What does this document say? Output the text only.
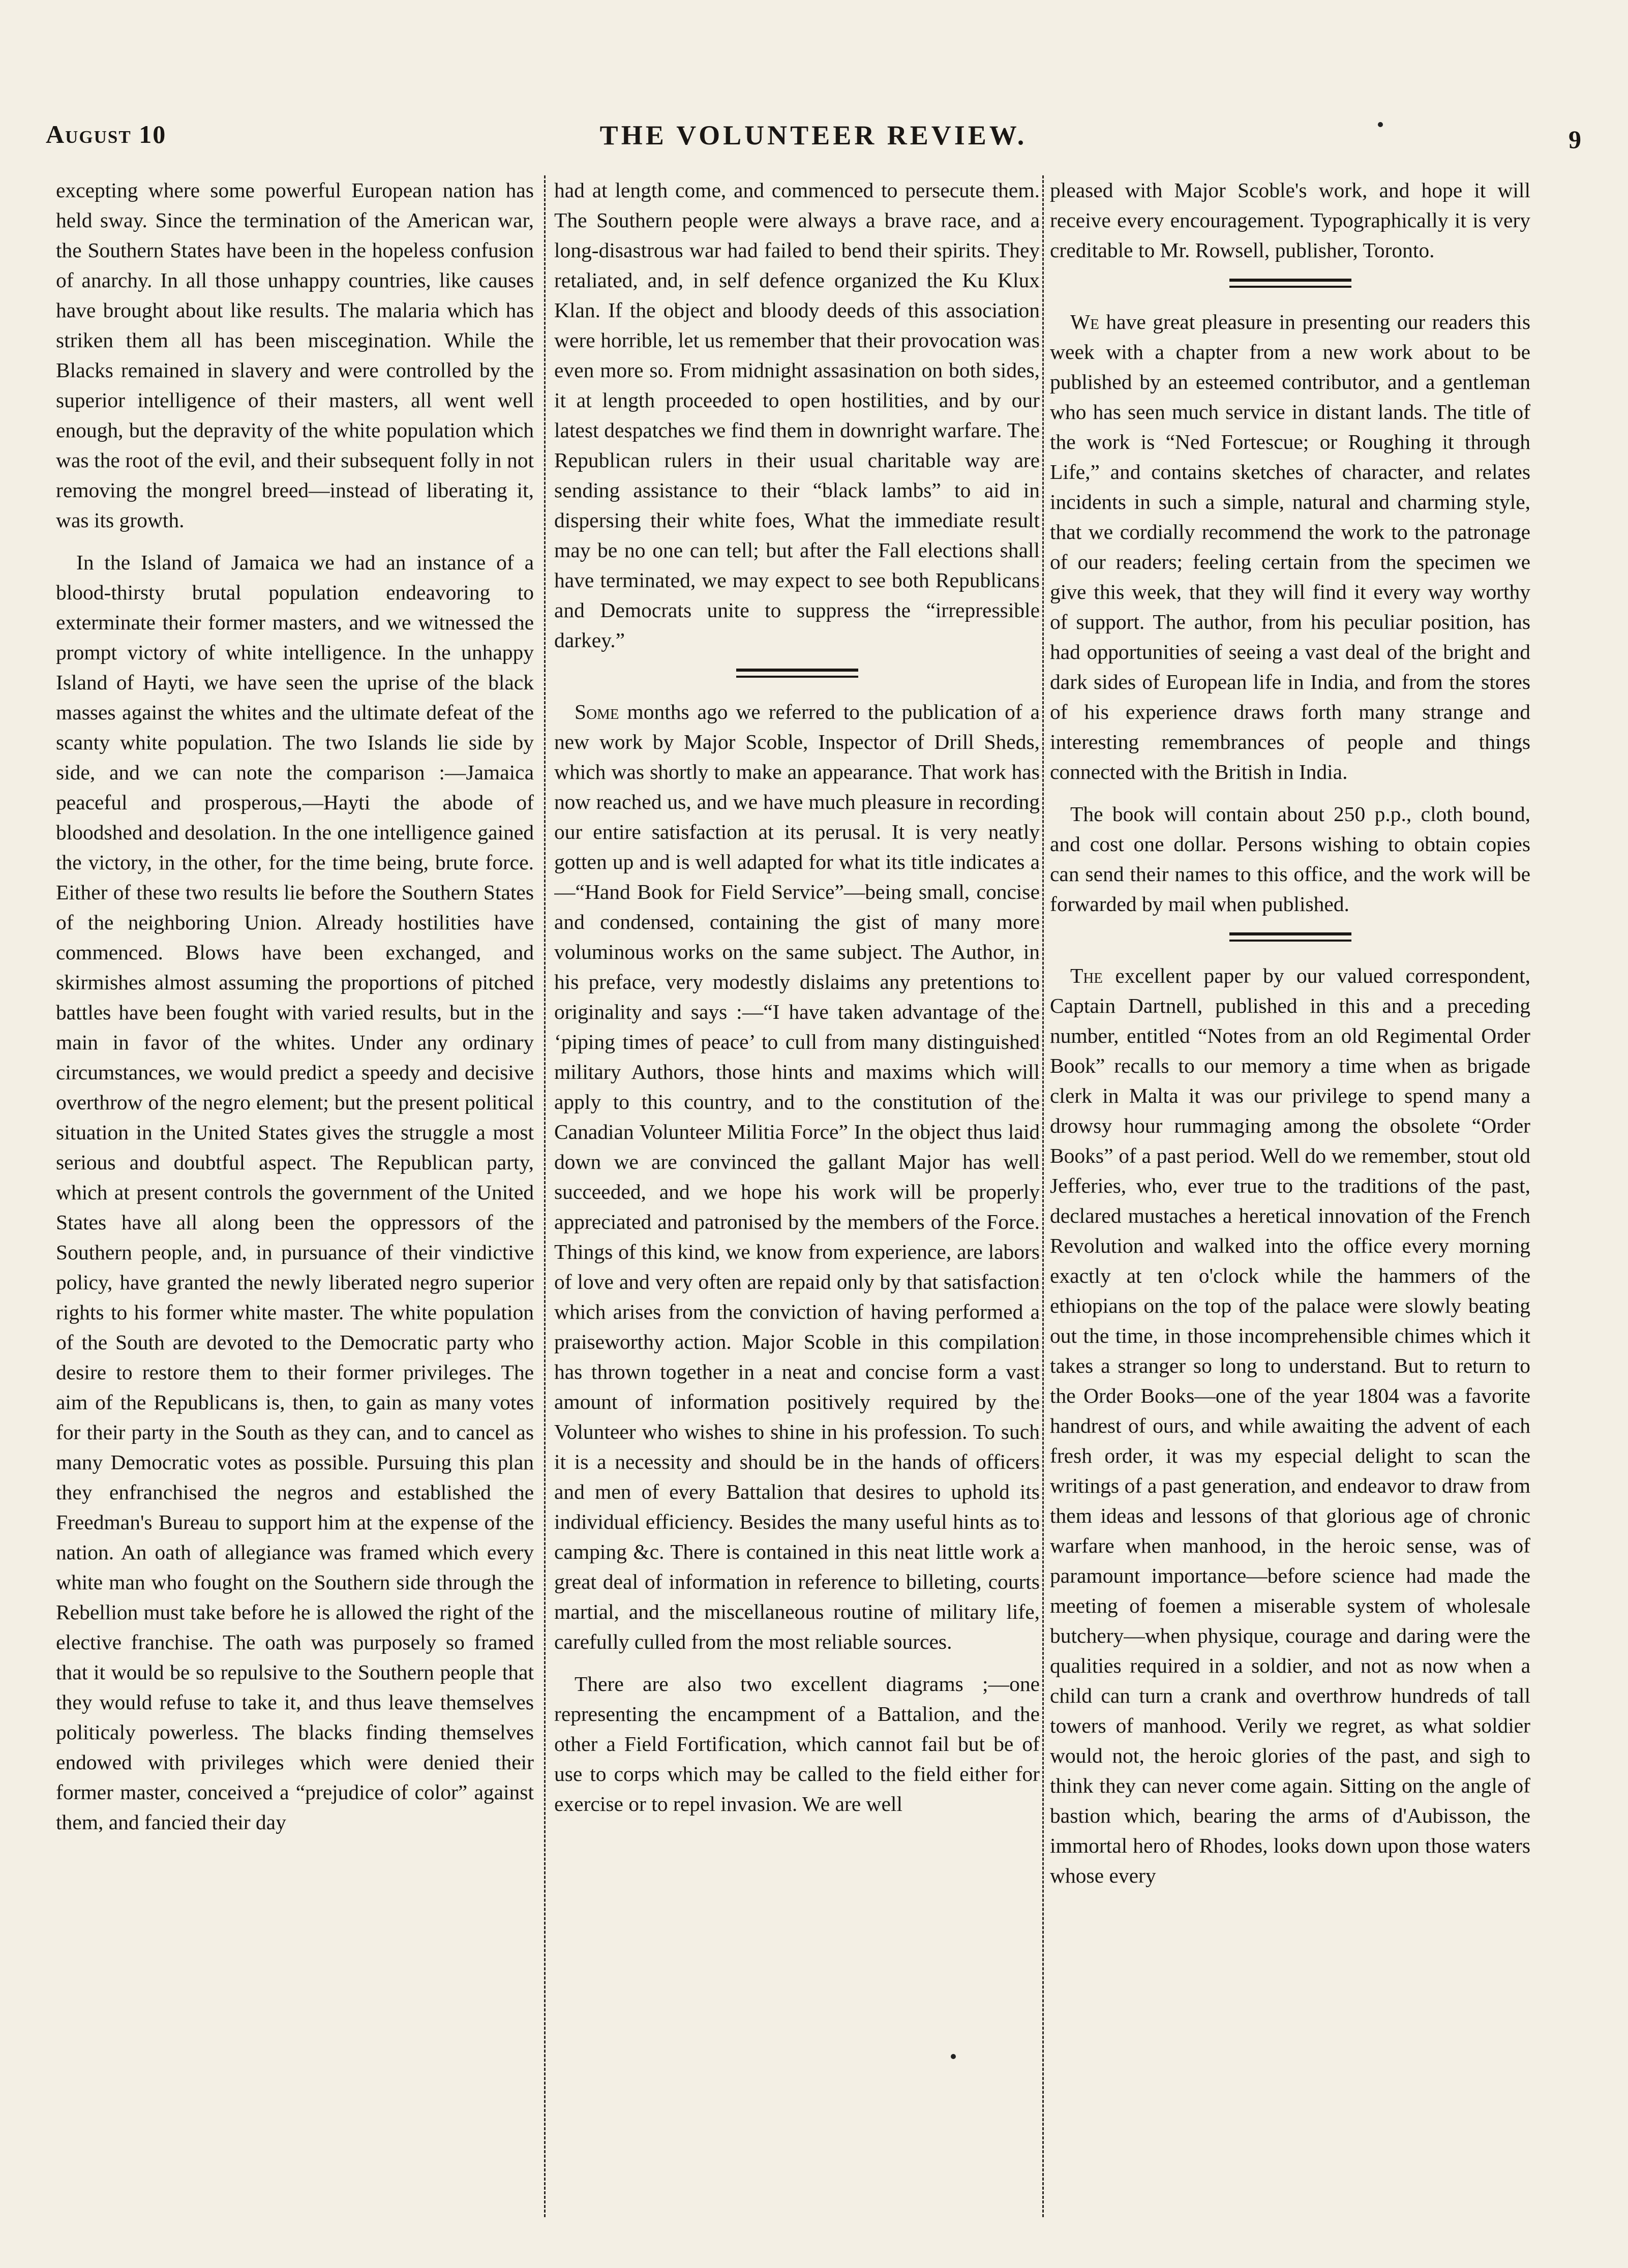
August 10	THE VOLUNTEER REVIEW.	9

excepting where some powerful European nation has held sway. Since the termination of the American war, the Southern States have been in the hopeless confusion of anarchy. In all those unhappy countries, like causes have brought about like results. The malaria which has striken them all has been miscegination. While the Blacks remained in slavery and were controlled by the superior intelligence of their masters, all went well enough, but the depravity of the white population which was the root of the evil, and their subsequent folly in not removing the mongrel breed—instead of liberating it, was its growth.

In the Island of Jamaica we had an instance of a blood-thirsty brutal population endeavoring to exterminate their former masters, and we witnessed the prompt victory of white intelligence. In the unhappy Island of Hayti, we have seen the uprise of the black masses against the whites and the ultimate defeat of the scanty white population. The two Islands lie side by side, and we can note the comparison :—Jamaica peaceful and prosperous,—Hayti the abode of bloodshed and desolation. In the one intelligence gained the victory, in the other, for the time being, brute force. Either of these two results lie before the Southern States of the neighboring Union. Already hostilities have commenced. Blows have been exchanged, and skirmishes almost assuming the proportions of pitched battles have been fought with varied results, but in the main in favor of the whites. Under any ordinary circumstances, we would predict a speedy and decisive overthrow of the negro element; but the present political situation in the United States gives the struggle a most serious and doubtful aspect. The Republican party, which at present controls the government of the United States have all along been the oppressors of the Southern people, and, in pursuance of their vindictive policy, have granted the newly liberated negro superior rights to his former white master. The white population of the South are devoted to the Democratic party who desire to restore them to their former privileges. The aim of the Republicans is, then, to gain as many votes for their party in the South as they can, and to cancel as many Democratic votes as possible. Pursuing this plan they enfranchised the negros and established the Freedman's Bureau to support him at the expense of the nation. An oath of allegiance was framed which every white man who fought on the Southern side through the Rebellion must take before he is allowed the right of the elective franchise. The oath was purposely so framed that it would be so repulsive to the Southern people that they would refuse to take it, and thus leave themselves politicaly powerless. The blacks finding themselves endowed with privileges which were denied their former master, conceived a “prejudice of color” against them, and fancied their day

had at length come, and commenced to persecute them. The Southern people were always a brave race, and a long-disastrous war had failed to bend their spirits. They retaliated, and, in self defence organized the Ku Klux Klan. If the object and bloody deeds of this association were horrible, let us remember that their provocation was even more so. From midnight assasination on both sides, it at length proceeded to open hostilities, and by our latest despatches we find them in downright warfare. The Republican rulers in their usual charitable way are sending assistance to their “black lambs” to aid in dispersing their white foes, What the immediate result may be no one can tell; but after the Fall elections shall have terminated, we may expect to see both Republicans and Democrats unite to suppress the “irrepressible darkey.”

Some months ago we referred to the publication of a new work by Major Scoble, Inspector of Drill Sheds, which was shortly to make an appearance. That work has now reached us, and we have much pleasure in recording our entire satisfaction at its perusal. It is very neatly gotten up and is well adapted for what its title indicates a —“Hand Book for Field Service”—being small, concise and condensed, containing the gist of many more voluminous works on the same subject. The Author, in his preface, very modestly dislaims any pretentions to originality and says :—“I have taken advantage of the ‘piping times of peace’ to cull from many distinguished military Authors, those hints and maxims which will apply to this country, and to the constitution of the Canadian Volunteer Militia Force” In the object thus laid down we are convinced the gallant Major has well succeeded, and we hope his work will be properly appreciated and patronised by the members of the Force. Things of this kind, we know from experience, are labors of love and very often are repaid only by that satisfaction which arises from the conviction of having performed a praiseworthy action. Major Scoble in this compilation has thrown together in a neat and concise form a vast amount of information positively required by the Volunteer who wishes to shine in his profession. To such it is a necessity and should be in the hands of officers and men of every Battalion that desires to uphold its individual efficiency. Besides the many useful hints as to camping &c. There is contained in this neat little work a great deal of information in reference to billeting, courts martial, and the miscellaneous routine of military life, carefully culled from the most reliable sources.

There are also two excellent diagrams ;—one representing the encampment of a Battalion, and the other a Field Fortification, which cannot fail but be of use to corps which may be called to the field either for exercise or to repel invasion. We are well

pleased with Major Scoble's work, and hope it will receive every encouragement. Typographically it is very creditable to Mr. Rowsell, publisher, Toronto.

We have great pleasure in presenting our readers this week with a chapter from a new work about to be published by an esteemed contributor, and a gentleman who has seen much service in distant lands. The title of the work is “Ned Fortescue; or Roughing it through Life,” and contains sketches of character, and relates incidents in such a simple, natural and charming style, that we cordially recommend the work to the patronage of our readers; feeling certain from the specimen we give this week, that they will find it every way worthy of support. The author, from his peculiar position, has had opportunities of seeing a vast deal of the bright and dark sides of European life in India, and from the stores of his experience draws forth many strange and interesting remembrances of people and things connected with the British in India.

The book will contain about 250 p.p., cloth bound, and cost one dollar. Persons wishing to obtain copies can send their names to this office, and the work will be forwarded by mail when published.

The excellent paper by our valued correspondent, Captain Dartnell, published in this and a preceding number, entitled “Notes from an old Regimental Order Book” recalls to our memory a time when as brigade clerk in Malta it was our privilege to spend many a drowsy hour rummaging among the obsolete “Order Books” of a past period. Well do we remember, stout old Jefferies, who, ever true to the traditions of the past, declared mustaches a heretical innovation of the French Revolution and walked into the office every morning exactly at ten o'clock while the hammers of the ethiopians on the top of the palace were slowly beating out the time, in those incomprehensible chimes which it takes a stranger so long to understand. But to return to the Order Books—one of the year 1804 was a favorite handrest of ours, and while awaiting the advent of each fresh order, it was my especial delight to scan the writings of a past generation, and endeavor to draw from them ideas and lessons of that glorious age of chronic warfare when manhood, in the heroic sense, was of paramount importance—before science had made the meeting of foemen a miserable system of wholesale butchery—when physique, courage and daring were the qualities required in a soldier, and not as now when a child can turn a crank and overthrow hundreds of tall towers of manhood. Verily we regret, as what soldier would not, the heroic glories of the past, and sigh to think they can never come again. Sitting on the angle of bastion which, bearing the arms of d'Aubisson, the immortal hero of Rhodes, looks down upon those waters whose every
